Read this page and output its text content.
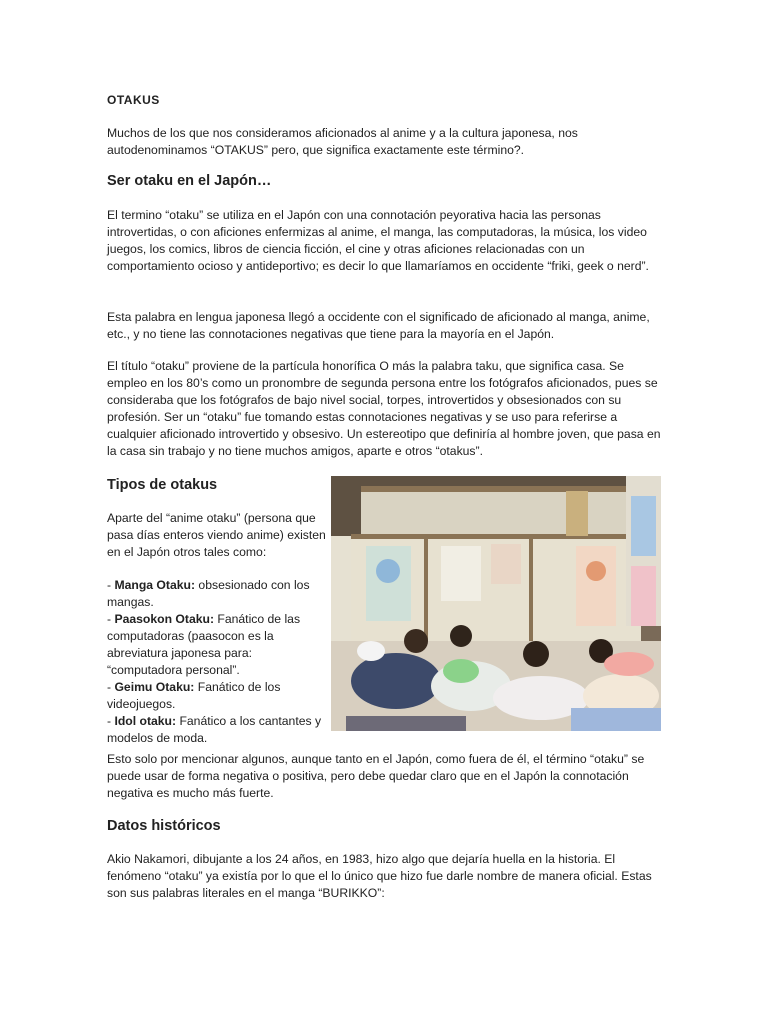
OTAKUS
Muchos de los que nos consideramos aficionados al anime y a la cultura japonesa, nos autodenominamos “OTAKUS” pero, que significa exactamente este término?.
Ser otaku en el Japón…
El termino “otaku” se utiliza en el Japón con una connotación peyorativa hacia las personas introvertidas, o con aficiones enfermizas al anime, el manga, las computadoras, la música, los video juegos, los comics, libros de ciencia ficción, el cine y otras aficiones relacionadas con un comportamiento ocioso y antideportivo; es decir lo que llamaríamos en occidente “friki, geek o nerd”.
Esta palabra en lengua japonesa llegó a occidente con el significado de aficionado al manga, anime, etc., y no tiene las connotaciones negativas que tiene para la mayoría en el Japón.
El título “otaku” proviene de la partícula honorífica O más la palabra taku, que significa casa. Se empleo en los 80’s como un pronombre de segunda persona entre los fotógrafos aficionados, pues se consideraba que los fotógrafos de bajo nivel social, torpes, introvertidos y obsesionados con su profesión. Ser un “otaku” fue tomando estas connotaciones negativas y se uso para referirse a cualquier aficionado introvertido y obsesivo. Un estereotipo que definiría al hombre joven, que pasa en la casa sin trabajo y no tiene muchos amigos, aparte e otros “otakus”.
Tipos de otakus
Aparte del “anime otaku” (persona que pasa días enteros viendo anime) existen en el Japón otros tales como:
- Manga Otaku: obsesionado con los mangas.
- Paasokon Otaku: Fanático de las computadoras (paasocon es la abreviatura japonesa para: “computadora personal”.
- Geimu Otaku: Fanático de los videojuegos.
- Idol otaku: Fanático a los cantantes y modelos de moda.
Esto solo por mencionar algunos, aunque tanto en el Japón, como fuera de él, el término “otaku” se puede usar de forma negativa o positiva, pero debe quedar claro que en el Japón la connotación negativa es mucho más fuerte.
Datos históricos
Akio Nakamori, dibujante a los 24 años, en 1983, hizo algo que dejaría huella en la historia. El fenómeno “otaku” ya existía por lo que el lo único que hizo fue darle nombre de manera oficial. Estas son sus palabras literales en el manga “BURIKKO”:
